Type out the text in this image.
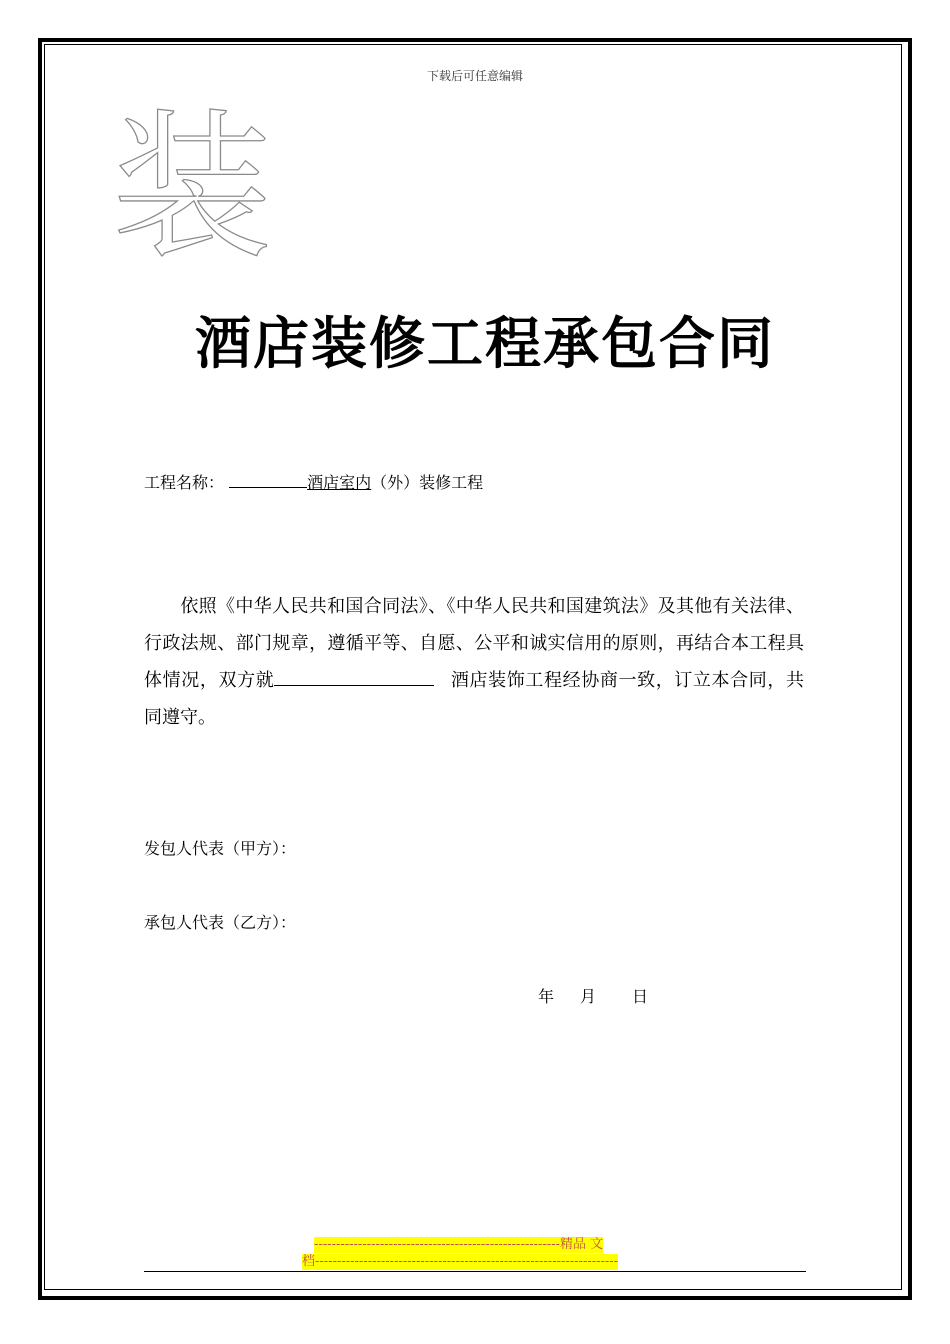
下载后可任意编辑
装
酒店装修工程承包合同
工程名称：	酒店室内（外）装修工程
依照《中华人民共和国合同法》、《中华人民共和国建筑法》及其他有关法律、行政法规、部门规章，遵循平等、自愿、公平和诚实信用的原则，再结合本工程具体情况，双方就	酒店装饰工程经协商一致，订立本合同，共同遵守。
发包人代表（甲方）：
承包人代表（乙方）：
年 月 日
--------------------------------------------------------精品 文
档---------------------------------------------------------------------
